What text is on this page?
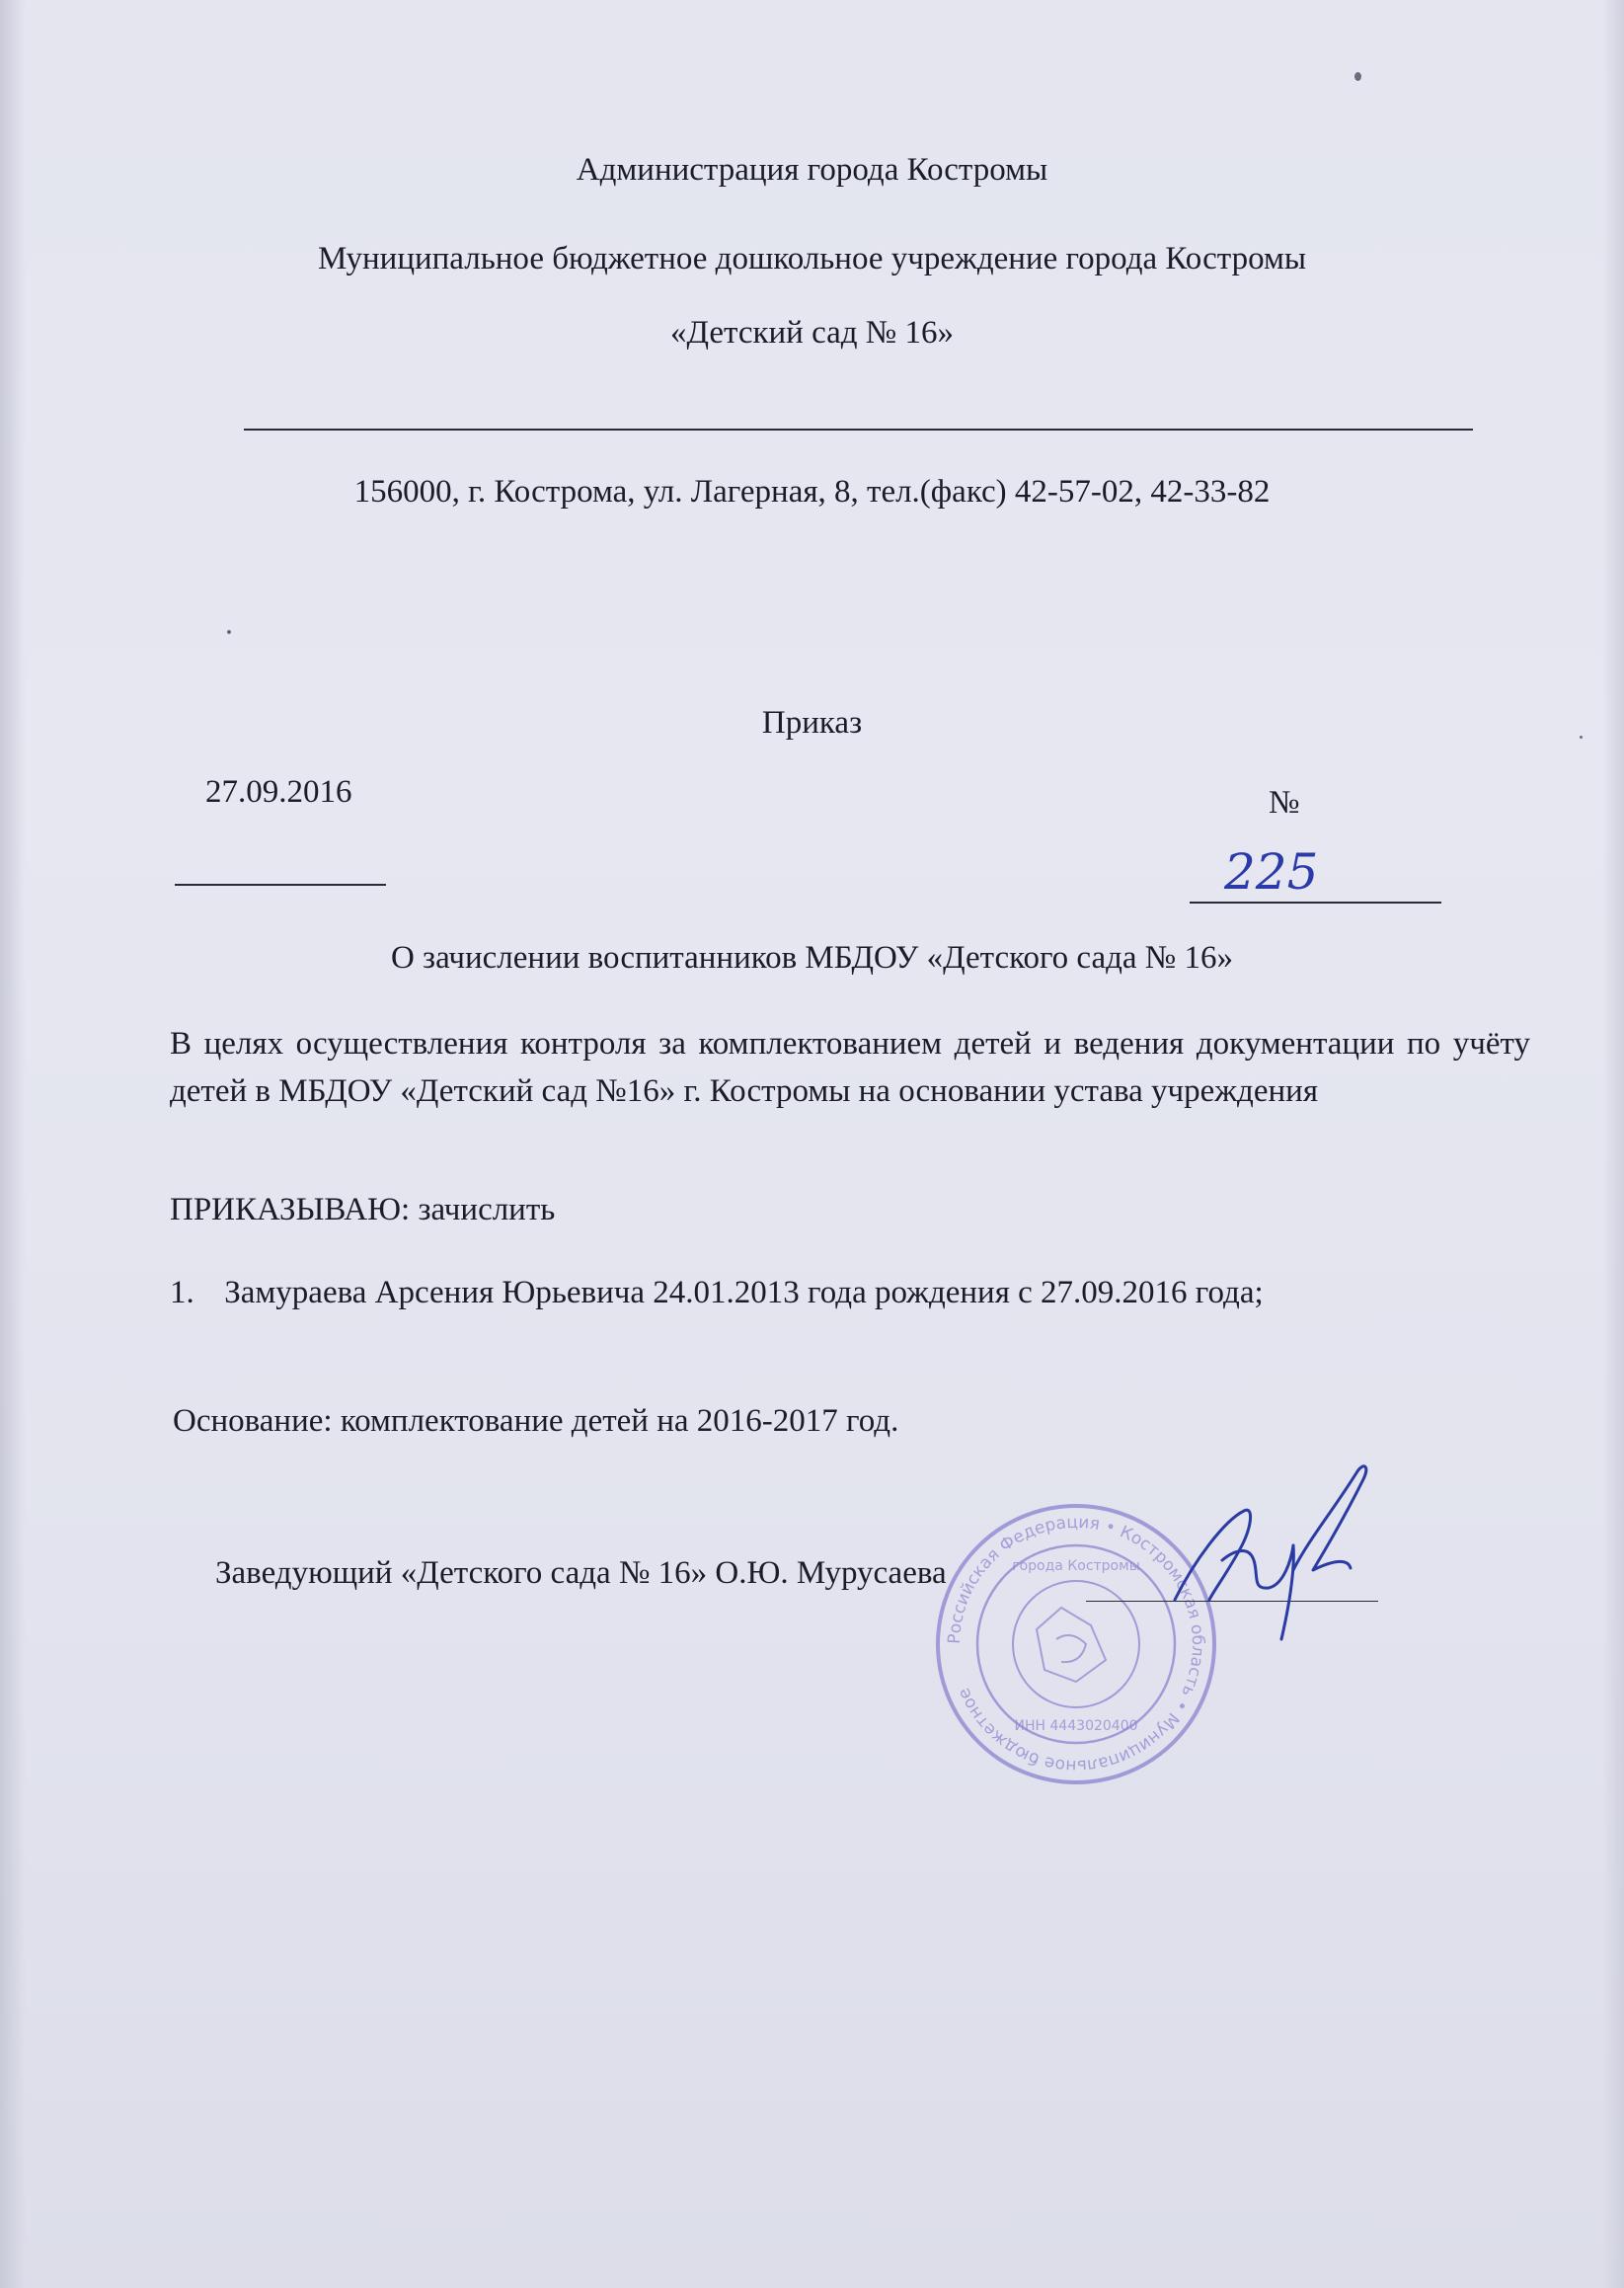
Администрация города Костромы
Муниципальное бюджетное дошкольное учреждение города Костромы
«Детский сад № 16»
156000, г. Кострома, ул. Лагерная, 8, тел.(факс) 42-57-02, 42-33-82
Приказ
27.09.2016	№
225
О зачислении воспитанников МБДОУ «Детского сада № 16»
В целях осуществления контроля за комплектованием детей и ведения документации по учёту детей в МБДОУ «Детский сад №16» г. Костромы на основании устава учреждения
ПРИКАЗЫВАЮ: зачислить
1. Замураева Арсения Юрьевича 24.01.2013 года рождения с 27.09.2016 года;
Основание: комплектование детей на 2016-2017 год.
Российская Федерация • Костромская область • Муниципальное бюджетное
города Костромы
ИНН 4443020400
Заведующий «Детского сада № 16» О.Ю. Мурусаева
